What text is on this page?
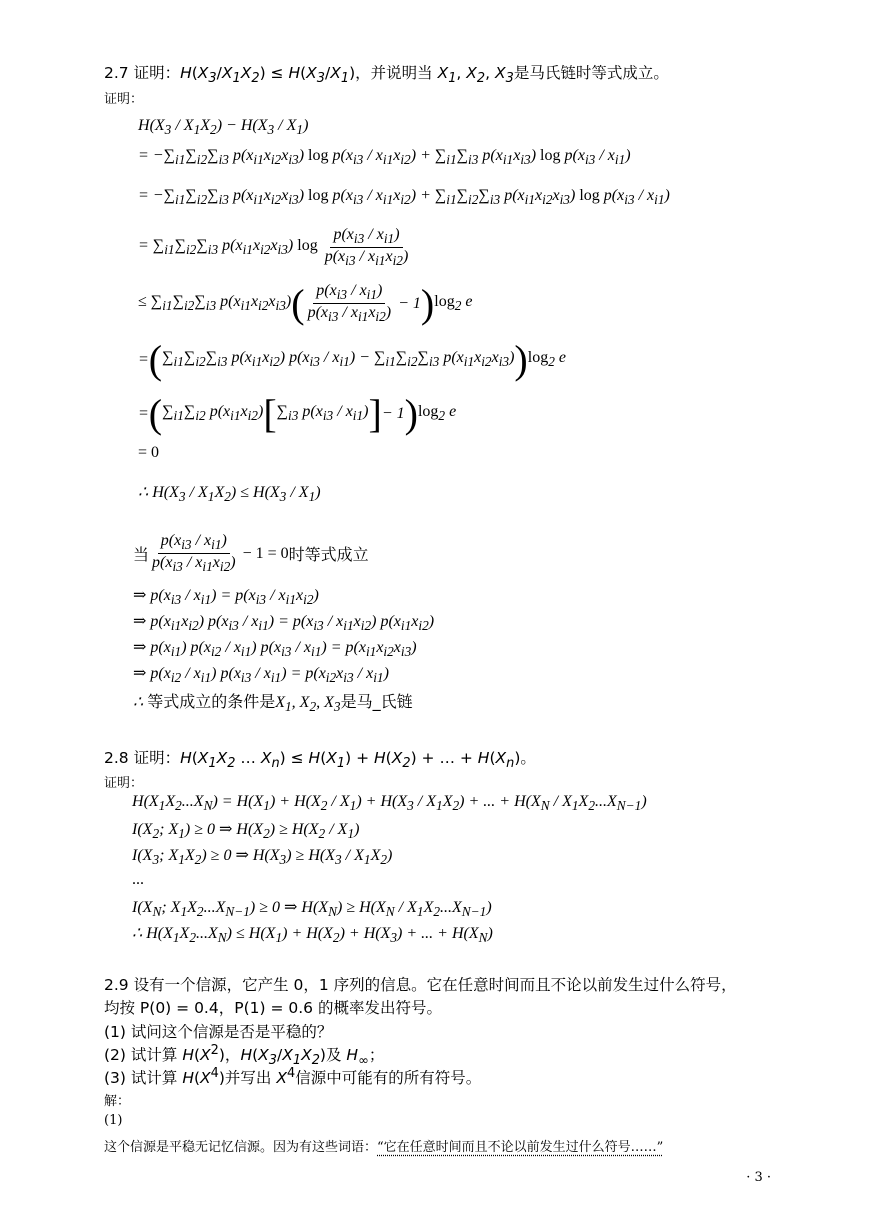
2.7 证明：$H(X_3/X_1X_2) \le H(X_3/X_1)$，并说明当 $X_1$, $X_2$, $X_3$是马氏链时等式成立。
证明：
$H(X_3 / X_1X_2) - H(X_3 / X_1)$
= $-\sum_{i1}\sum_{i2}\sum_{i3}$ $p(x_{i1}x_{i2}x_{i3})$ $\log p(x_{i3} / x_{i1}x_{i2}) + \sum_{i1}\sum_{i3}$ $p(x_{i1}x_{i3})$ $\log p(x_{i3} / x_{i1})$
= $-\sum_{i1}\sum_{i2}\sum_{i3}$ $p(x_{i1}x_{i2}x_{i3})$ $\log p(x_{i3} / x_{i1}x_{i2}) + \sum_{i1}\sum_{i2}\sum_{i3}$ $p(x_{i1}x_{i2}x_{i3})$ $\log p(x_{i3} / x_{i1})$
= $\sum_{i1}\sum_{i2}\sum_{i3}$ $p(x_{i1}x_{i2}x_{i3})$ log
$p(x_{i3} / x_{i1})$
$p(x_{i3} / x_{i1}x_{i2})$
≤ $\sum_{i1}\sum_{i2}\sum_{i3}$ $p(x_{i1}x_{i2}x_{i3})$ ( $p(x_{i3} / x_{i1})$
$p(x_{i3} / x_{i1}x_{i2})$
− 1 ) $\log_2 e$
= ( $\sum_{i1}\sum_{i2}\sum_{i3}$ $p(x_{i1}x_{i2})$ $p(x_{i3} / x_{i1}) - \sum_{i1}\sum_{i2}\sum_{i3}$ $p(x_{i1}x_{i2}x_{i3})$ ) $\log_2 e$
= ( $\sum_{i1}\sum_{i2}$ $p(x_{i1}x_{i2})$ [ $\sum_{i3}$ $p(x_{i3} / x_{i1})$ ] − 1 ) $\log_2 e$
= 0
∴ $H(X_3 / X_1X_2) \le H(X_3 / X_1)$
当
$p(x_{i3} / x_{i1})$
$p(x_{i3} / x_{i1}x_{i2})$
− 1 = 0 时等式成立
⇒ $p(x_{i3} / x_{i1}) = p(x_{i3} / x_{i1}x_{i2})$
⇒ $p(x_{i1}x_{i2})$ $p(x_{i3} / x_{i1}) = p(x_{i3} / x_{i1}x_{i2})$ $p(x_{i1}x_{i2})$
⇒ $p(x_{i1})$ $p(x_{i2} / x_{i1})$ $p(x_{i3} / x_{i1}) = p(x_{i1}x_{i2}x_{i3})$
⇒ $p(x_{i2} / x_{i1})$ $p(x_{i3} / x_{i1}) = p(x_{i2}x_{i3} / x_{i1})$
∴ 等式成立的条件是$X_1$, $X_2$, $X_3$是马_氏链
2.8 证明：$H(X_1X_2$ … $X_n) \le H(X_1) + H(X_2)$ + … + $H(X_n)$。
证明：
$H(X_1X_2...X_N) = H(X_1) + H(X_2 / X_1) + H(X_3 / X_1X_2)$ + ... + $H(X_N / X_1X_2...X_{N-1})$
$I(X_2$; $X_1) \ge 0$ ⇒ $H(X_2) \ge H(X_2 / X_1)$
$I(X_3$; $X_1X_2) \ge 0$ ⇒ $H(X_3) \ge H(X_3 / X_1X_2)$
...
$I(X_N$; $X_1X_2...X_{N-1}) \ge 0$ ⇒ $H(X_N) \ge H(X_N / X_1X_2...X_{N-1})$
∴ $H(X_1X_2...X_N) \le H(X_1) + H(X_2) + H(X_3)$ + ... + $H(X_N)$
2.9 设有一个信源，它产生 0，1 序列的信息。它在任意时间而且不论以前发生过什么符号，
均按 P(0) = 0.4，P(1) = 0.6 的概率发出符号。
(1) 试问这个信源是否是平稳的？
(2) 试计算 $H(X^2)$，$H(X_3/X_1X_2)$及 $H_\infty$；
(3) 试计算 $H(X^4)$并写出 $X^4$信源中可能有的所有符号。
解：
(1)
这个信源是平稳无记忆信源。因为有这些词语：“它在任意时间而且不论以前发生过什么符号……”
· 3 ·
